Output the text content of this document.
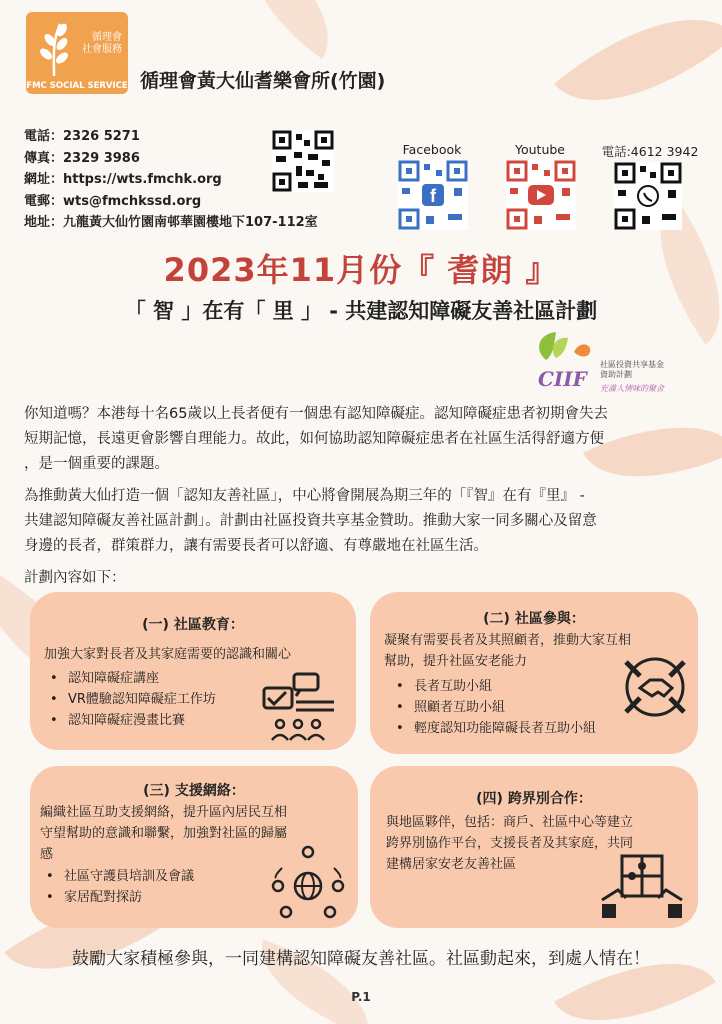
循理會
社會服務
FMC SOCIAL SERVICE 循理會黃大仙耆樂會所(竹園)
電話：2326 5271
傳真：2329 3986
網址：https://wts.fmchk.org
電郵：wts@fmchkssd.org
地址：九龍黃大仙竹園南邨華園樓地下107-112室
Facebook
f
Youtube	電話:4612 3942
2023年11月份『 耆朗 』
「 智 」在有「 里 」 - 共建認知障礙友善社區計劃
CIIF
社區投資共享基金
資助計劃
充滿人情味的聚舍
你知道嗎？本港每十名65歲以上長者便有一個患有認知障礙症。認知障礙症患者初期會失去
短期記憶，長遠更會影響自理能力。故此，如何協助認知障礙症患者在社區生活得舒適方便
，是一個重要的課題。
為推動黃大仙打造一個「認知友善社區」，中心將會開展為期三年的「『智』在有『里』 -
共建認知障礙友善社區計劃」。計劃由社區投資共享基金贊助。推動大家一同多關心及留意
身邊的長者，群策群力，讓有需要長者可以舒適、有尊嚴地在社區生活。
計劃內容如下：
(一) 社區教育：
加強大家對長者及其家庭需要的認識和關心
• 認知障礙症講座
• VR體驗認知障礙症工作坊
• 認知障礙症漫畫比賽
(二) 社區參與：
凝聚有需要長者及其照顧者，推動大家互相
幫助，提升社區安老能力
• 長者互助小組
• 照顧者互助小組
• 輕度認知功能障礙長者互助小組
(三) 支援網絡：
編織社區互助支援網絡，提升區內居民互相
守望幫助的意識和聯繫，加強對社區的歸屬
感
• 社區守護員培訓及會議
• 家居配對探訪
(四) 跨界別合作：
與地區夥伴，包括：商戶、社區中心等建立
跨界別協作平台，支援長者及其家庭，共同
建構居家安老友善社區
鼓勵大家積極參與，一同建構認知障礙友善社區。社區動起來，到處人情在！
P.1
